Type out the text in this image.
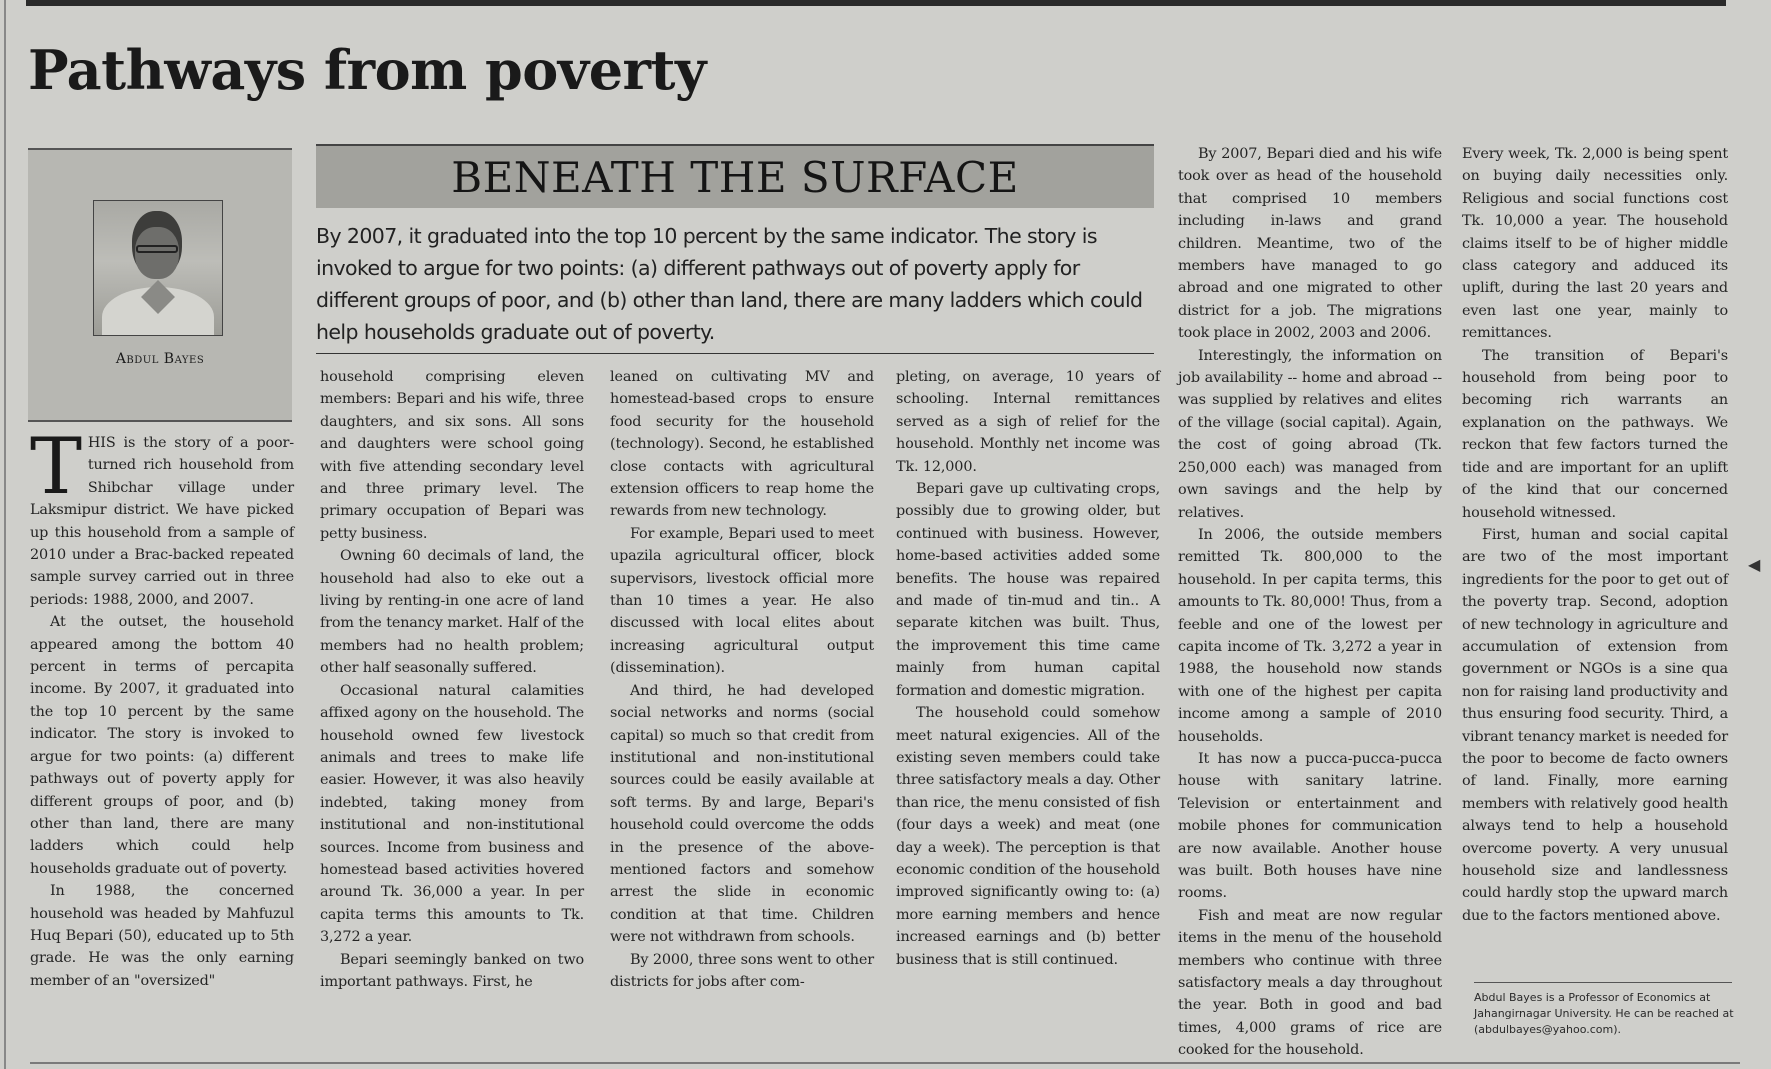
Pathways from poverty
Abdul Bayes
BENEATH THE SURFACE
By 2007, it graduated into the top 10 percent by the same indicator. The story is invoked to argue for two points: (a) different pathways out of poverty apply for different groups of poor, and (b) other than land, there are many ladders which could help households graduate out of poverty.

THIS is the story of a poor-turned rich household from Shibchar village under Laksmipur district. We have picked up this household from a sample of 2010 under a Brac-backed repeated sample survey carried out in three periods: 1988, 2000, and 2007.

At the outset, the household appeared among the bottom 40 percent in terms of percapita income. By 2007, it graduated into the top 10 percent by the same indicator. The story is invoked to argue for two points: (a) different pathways out of poverty apply for different groups of poor, and (b) other than land, there are many ladders which could help households graduate out of poverty.

In 1988, the concerned household was headed by Mahfuzul Huq Bepari (50), educated up to 5th grade. He was the only earning member of an "oversized"

household comprising eleven members: Bepari and his wife, three daughters, and six sons. All sons and daughters were school going with five attending secondary level and three primary level. The primary occupation of Bepari was petty business.

Owning 60 decimals of land, the household had also to eke out a living by renting-in one acre of land from the tenancy market. Half of the members had no health problem; other half seasonally suffered.

Occasional natural calamities affixed agony on the household. The household owned few livestock animals and trees to make life easier. However, it was also heavily indebted, taking money from institutional and non-institutional sources. Income from business and homestead based activities hovered around Tk. 36,000 a year. In per capita terms this amounts to Tk. 3,272 a year.

Bepari seemingly banked on two important pathways. First, he

leaned on cultivating MV and homestead-based crops to ensure food security for the household (technology). Second, he established close contacts with agricultural extension officers to reap home the rewards from new technology.

For example, Bepari used to meet upazila agricultural officer, block supervisors, livestock official more than 10 times a year. He also discussed with local elites about increasing agricultural output (dissemination).

And third, he had developed social networks and norms (social capital) so much so that credit from institutional and non-institutional sources could be easily available at soft terms. By and large, Bepari's household could overcome the odds in the presence of the above-mentioned factors and somehow arrest the slide in economic condition at that time. Children were not withdrawn from schools.

By 2000, three sons went to other districts for jobs after com-

pleting, on average, 10 years of schooling. Internal remittances served as a sigh of relief for the household. Monthly net income was Tk. 12,000.

Bepari gave up cultivating crops, possibly due to growing older, but continued with business. However, home-based activities added some benefits. The house was repaired and made of tin-mud and tin.. A separate kitchen was built. Thus, the improvement this time came mainly from human capital formation and domestic migration.

The household could somehow meet natural exigencies. All of the existing seven members could take three satisfactory meals a day. Other than rice, the menu consisted of fish (four days a week) and meat (one day a week). The perception is that economic condition of the household improved significantly owing to: (a) more earning members and hence increased earnings and (b) better business that is still continued.

By 2007, Bepari died and his wife took over as head of the household that comprised 10 members including in-laws and grand children. Meantime, two of the members have managed to go abroad and one migrated to other district for a job. The migrations took place in 2002, 2003 and 2006.

Interestingly, the information on job availability -- home and abroad -- was supplied by relatives and elites of the village (social capital). Again, the cost of going abroad (Tk. 250,000 each) was managed from own savings and the help by relatives.

In 2006, the outside members remitted Tk. 800,000 to the household. In per capita terms, this amounts to Tk. 80,000! Thus, from a feeble and one of the lowest per capita income of Tk. 3,272 a year in 1988, the household now stands with one of the highest per capita income among a sample of 2010 households.

It has now a pucca-pucca-pucca house with sanitary latrine. Television or entertainment and mobile phones for communication are now available. Another house was built. Both houses have nine rooms.

Fish and meat are now regular items in the menu of the household members who continue with three satisfactory meals a day throughout the year. Both in good and bad times, 4,000 grams of rice are cooked for the household.

Every week, Tk. 2,000 is being spent on buying daily necessities only. Religious and social functions cost Tk. 10,000 a year. The household claims itself to be of higher middle class category and adduced its uplift, during the last 20 years and even last one year, mainly to remittances.

The transition of Bepari's household from being poor to becoming rich warrants an explanation on the pathways. We reckon that few factors turned the tide and are important for an uplift of the kind that our concerned household witnessed.

First, human and social capital are two of the most important ingredients for the poor to get out of the poverty trap. Second, adoption of new technology in agriculture and accumulation of extension from government or NGOs is a sine qua non for raising land productivity and thus ensuring food security. Third, a vibrant tenancy market is needed for the poor to become de facto owners of land. Finally, more earning members with relatively good health always tend to help a household overcome poverty. A very unusual household size and landlessness could hardly stop the upward march due to the factors mentioned above.

Abdul Bayes is a Professor of Economics at Jahangirnagar University. He can be reached at (abdulbayes@yahoo.com).
◀
